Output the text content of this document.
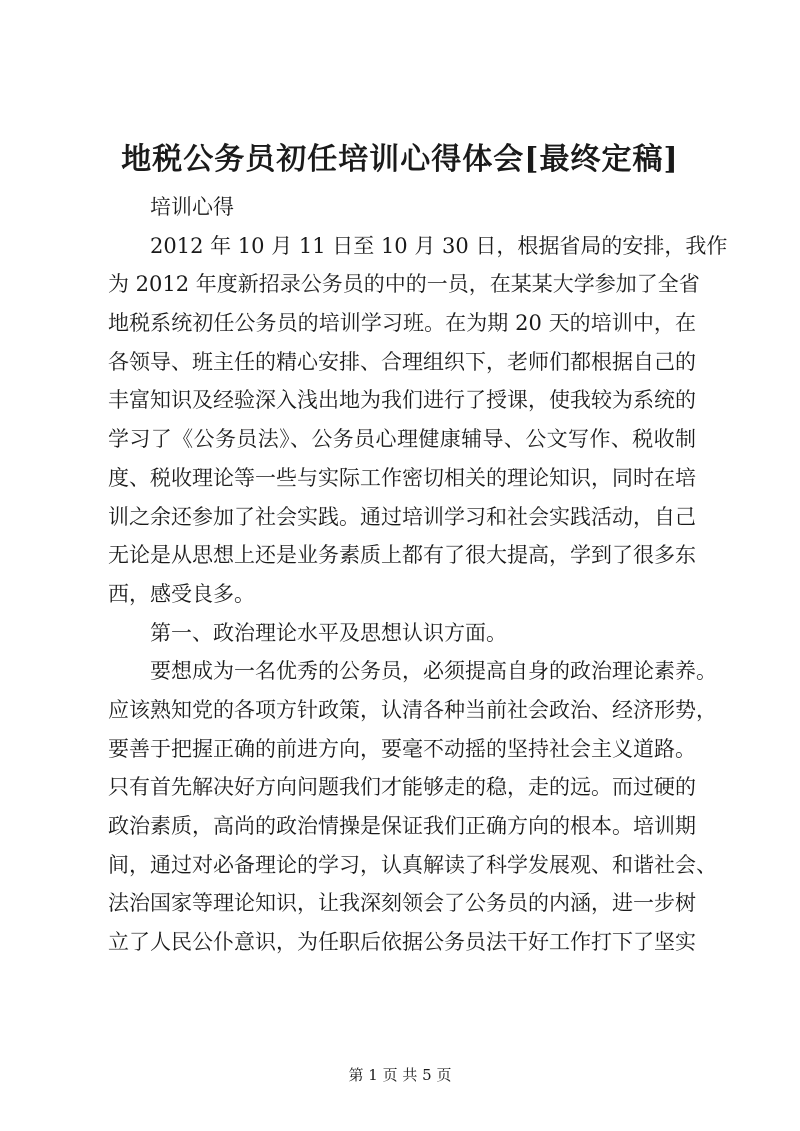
地税公务员初任培训心得体会[最终定稿]
培训心得
2012 年 10 月 11 日至 10 月 30 日，根据省局的安排，我作
为 2012 年度新招录公务员的中的一员，在某某大学参加了全省
地税系统初任公务员的培训学习班。在为期 20 天的培训中，在
各领导、班主任的精心安排、合理组织下，老师们都根据自己的
丰富知识及经验深入浅出地为我们进行了授课，使我较为系统的
学习了《公务员法》、公务员心理健康辅导、公文写作、税收制
度、税收理论等一些与实际工作密切相关的理论知识，同时在培
训之余还参加了社会实践。通过培训学习和社会实践活动，自己
无论是从思想上还是业务素质上都有了很大提高，学到了很多东
西，感受良多。
第一、政治理论水平及思想认识方面。
要想成为一名优秀的公务员，必须提高自身的政治理论素养。
应该熟知党的各项方针政策，认清各种当前社会政治、经济形势，
要善于把握正确的前进方向，要毫不动摇的坚持社会主义道路。
只有首先解决好方向问题我们才能够走的稳，走的远。而过硬的
政治素质，高尚的政治情操是保证我们正确方向的根本。培训期
间，通过对必备理论的学习，认真解读了科学发展观、和谐社会、
法治国家等理论知识，让我深刻领会了公务员的内涵，进一步树
立了人民公仆意识，为任职后依据公务员法干好工作打下了坚实
第 1 页 共 5 页
